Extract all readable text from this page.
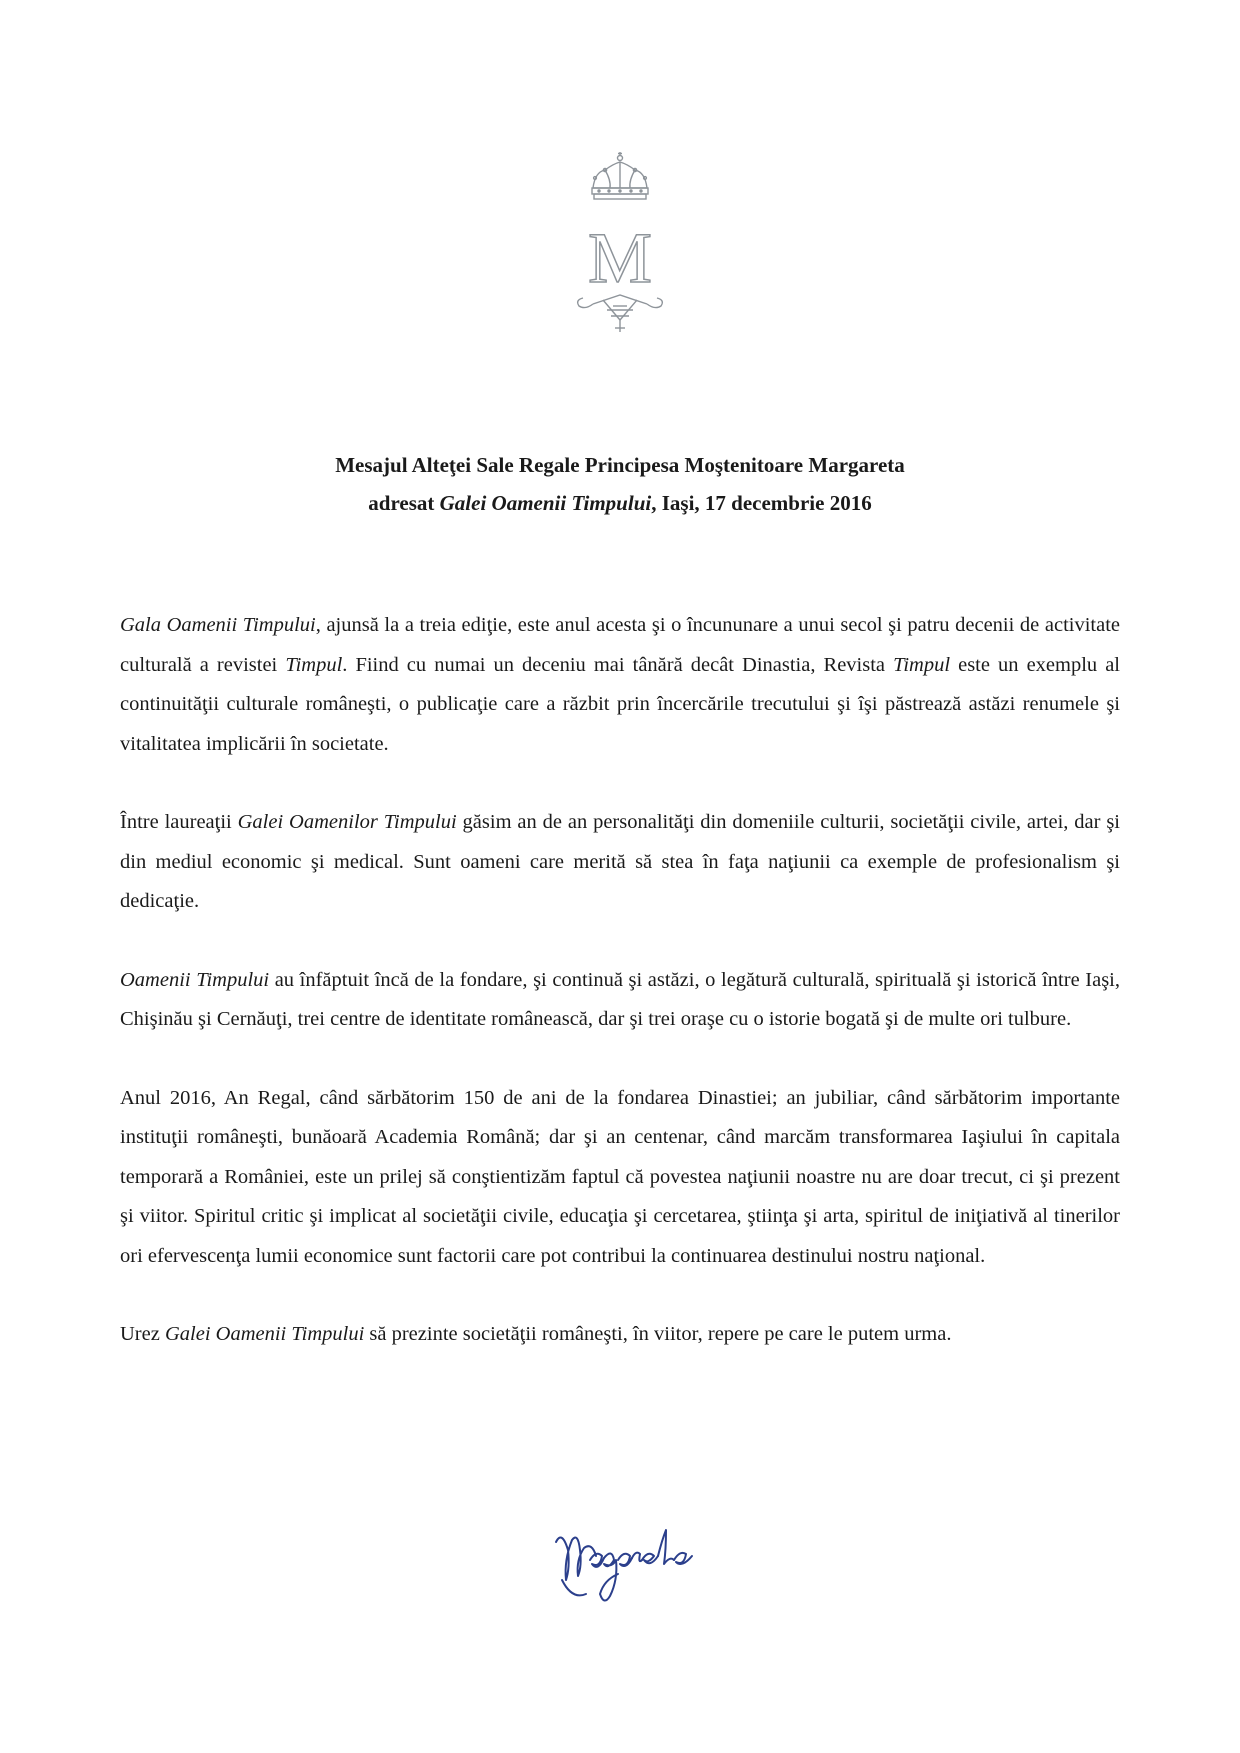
M
Mesajul Alteţei Sale Regale Principesa Moştenitoare Margareta
adresat Galei Oamenii Timpului, Iaşi, 17 decembrie 2016

Gala Oamenii Timpului, ajunsă la a treia ediţie, este anul acesta şi o încununare a unui secol şi patru decenii de activitate culturală a revistei Timpul. Fiind cu numai un deceniu mai tânără decât Dinastia, Revista Timpul este un exemplu al continuităţii culturale româneşti, o publicaţie care a răzbit prin încercările trecutului şi îşi păstrează astăzi renumele şi vitalitatea implicării în societate.

Între laureaţii Galei Oamenilor Timpului găsim an de an personalităţi din domeniile culturii, societăţii civile, artei, dar şi din mediul economic şi medical. Sunt oameni care merită să stea în faţa naţiunii ca exemple de profesionalism şi dedicaţie.

Oamenii Timpului au înfăptuit încă de la fondare, şi continuă şi astăzi, o legătură culturală, spirituală şi istorică între Iaşi, Chişinău şi Cernăuţi, trei centre de identitate românească, dar şi trei oraşe cu o istorie bogată şi de multe ori tulbure.

Anul 2016, An Regal, când sărbătorim 150 de ani de la fondarea Dinastiei; an jubiliar, când sărbătorim importante instituţii româneşti, bunăoară Academia Română; dar şi an centenar, când marcăm transformarea Iaşiului în capitala temporară a României, este un prilej să conştientizăm faptul că povestea naţiunii noastre nu are doar trecut, ci şi prezent şi viitor. Spiritul critic şi implicat al societăţii civile, educaţia şi cercetarea, ştiinţa şi arta, spiritul de iniţiativă al tinerilor ori efervescenţa lumii economice sunt factorii care pot contribui la continuarea destinului nostru naţional.

Urez Galei Oamenii Timpului să prezinte societăţii româneşti, în viitor, repere pe care le putem urma.
